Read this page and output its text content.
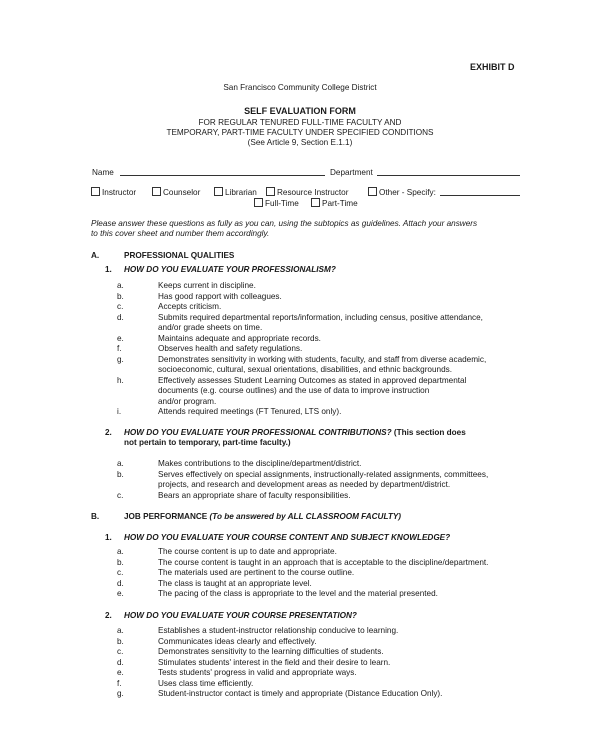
EXHIBIT D
San Francisco Community College District
SELF EVALUATION FORM
FOR REGULAR TENURED FULL-TIME FACULTY AND
TEMPORARY, PART-TIME FACULTY UNDER SPECIFIED CONDITIONS
(See Article 9, Section E.1.1)
Name	Department
Instructor	Counselor	Librarian	Resource Instructor	Other - Specify:
Full-Time	Part-Time
Please answer these questions as fully as you can, using the subtopics as guidelines. Attach your answers
to this cover sheet and number them accordingly.
A.	PROFESSIONAL QUALITIES
1. HOW DO YOU EVALUATE YOUR PROFESSIONALISM?
a.	Keeps current in discipline.
b.	Has good rapport with colleagues.
c.	Accepts criticism.
d.	Submits required departmental reports/information, including census, positive attendance,
and/or grade sheets on time.
e.	Maintains adequate and appropriate records.
f.	Observes health and safety regulations.
g.	Demonstrates sensitivity in working with students, faculty, and staff from diverse academic,
socioeconomic, cultural, sexual orientations, disabilities, and ethnic backgrounds.
h.	Effectively assesses Student Learning Outcomes as stated in approved departmental
documents (e.g. course outlines) and the use of data to improve instruction
and/or program.
i.	Attends required meetings (FT Tenured, LTS only).
2. HOW DO YOU EVALUATE YOUR PROFESSIONAL CONTRIBUTIONS? (This section does
not pertain to temporary, part-time faculty.)
a.	Makes contributions to the discipline/department/district.
b.	Serves effectively on special assignments, instructionally-related assignments, committees,
projects, and research and development areas as needed by department/district.
c.	Bears an appropriate share of faculty responsibilities.
B.	JOB PERFORMANCE (To be answered by ALL CLASSROOM FACULTY)
1. HOW DO YOU EVALUATE YOUR COURSE CONTENT AND SUBJECT KNOWLEDGE?
a.	The course content is up to date and appropriate.
b.	The course content is taught in an approach that is acceptable to the discipline/department.
c.	The materials used are pertinent to the course outline.
d.	The class is taught at an appropriate level.
e.	The pacing of the class is appropriate to the level and the material presented.
2. HOW DO YOU EVALUATE YOUR COURSE PRESENTATION?
a.	Establishes a student-instructor relationship conducive to learning.
b.	Communicates ideas clearly and effectively.
c.	Demonstrates sensitivity to the learning difficulties of students.
d.	Stimulates students' interest in the field and their desire to learn.
e.	Tests students' progress in valid and appropriate ways.
f.	Uses class time efficiently.
g.	Student-instructor contact is timely and appropriate (Distance Education Only).
